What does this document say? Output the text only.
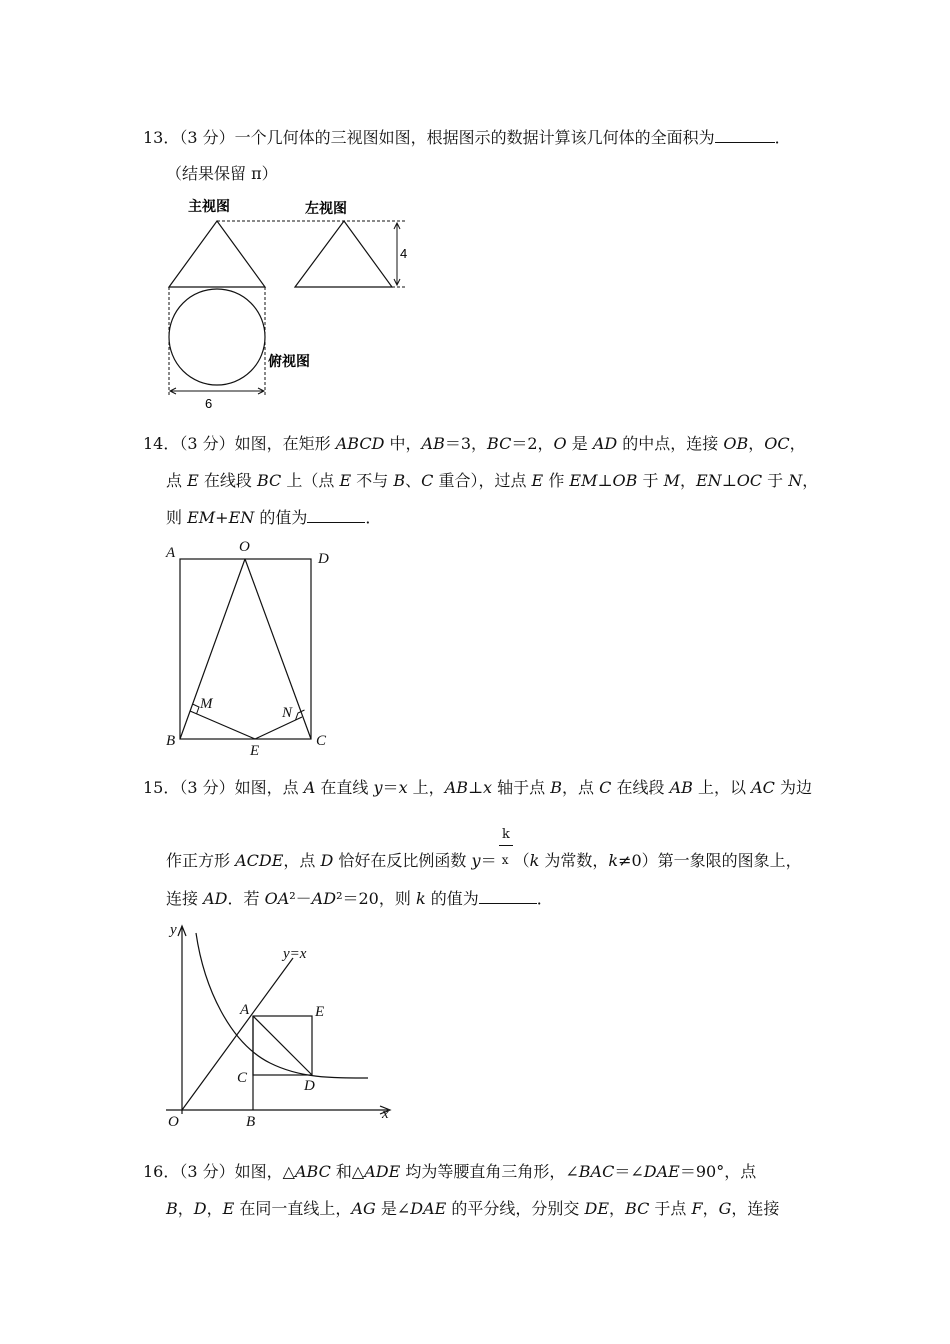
13．（3 分）一个几何体的三视图如图，根据图示的数据计算该几何体的全面积为	．
（结果保留 π）
主视图	左视图
4
俯视图
6
14．（3 分）如图，在矩形 ABCD 中，AB＝3，BC＝2，O 是 AD 的中点，连接 OB，OC，
点 E 在线段 BC 上（点 E 不与 B、C 重合），过点 E 作 EM⊥OB 于 M，EN⊥OC 于 N，
则 EM+EN 的值为	．
A	O
D
M
N
B
E
C
15．（3 分）如图，点 A 在直线 y＝x 上，AB⊥x 轴于点 B，点 C 在线段 AB 上，以 AC 为边
k
作正方形 ACDE，点 D 恰好在反比例函数 y＝ x （k 为常数，k≠0）第一象限的图象上，
连接 AD．若 OA²－AD²＝20，则 k 的值为	．
y
x
y=x
A	E
C	D
O	B
16．（3 分）如图，△ABC 和△ADE 均为等腰直角三角形，∠BAC＝∠DAE＝90°，点
B，D，E 在同一直线上，AG 是∠DAE 的平分线，分别交 DE，BC 于点 F，G，连接
